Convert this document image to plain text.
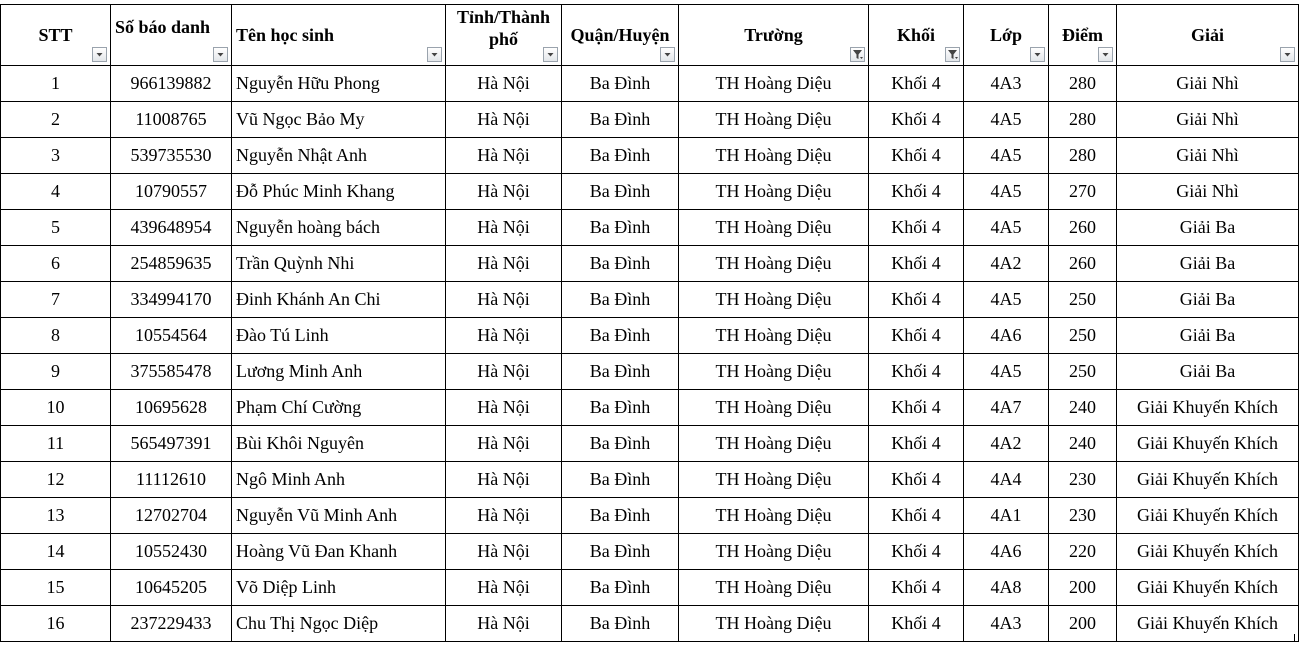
STT	Số báo danh	Tên học sinh	Tỉnh/Thành phố	Quận/Huyện	Trường	Khối	Lớp	Điểm	Giải

1	966139882	Nguyễn Hữu Phong	Hà Nội	Ba Đình	TH Hoàng Diệu	Khối 4	4A3	280	Giải Nhì
2	11008765	Vũ Ngọc Bảo My	Hà Nội	Ba Đình	TH Hoàng Diệu	Khối 4	4A5	280	Giải Nhì
3	539735530	Nguyễn Nhật Anh	Hà Nội	Ba Đình	TH Hoàng Diệu	Khối 4	4A5	280	Giải Nhì
4	10790557	Đỗ Phúc Minh Khang	Hà Nội	Ba Đình	TH Hoàng Diệu	Khối 4	4A5	270	Giải Nhì
5	439648954	Nguyễn hoàng bách	Hà Nội	Ba Đình	TH Hoàng Diệu	Khối 4	4A5	260	Giải Ba
6	254859635	Trần Quỳnh Nhi	Hà Nội	Ba Đình	TH Hoàng Diệu	Khối 4	4A2	260	Giải Ba
7	334994170	Đinh Khánh An Chi	Hà Nội	Ba Đình	TH Hoàng Diệu	Khối 4	4A5	250	Giải Ba
8	10554564	Đào Tú Linh	Hà Nội	Ba Đình	TH Hoàng Diệu	Khối 4	4A6	250	Giải Ba
9	375585478	Lương Minh Anh	Hà Nội	Ba Đình	TH Hoàng Diệu	Khối 4	4A5	250	Giải Ba
10	10695628	Phạm Chí Cường	Hà Nội	Ba Đình	TH Hoàng Diệu	Khối 4	4A7	240	Giải Khuyến Khích
11	565497391	Bùi Khôi Nguyên	Hà Nội	Ba Đình	TH Hoàng Diệu	Khối 4	4A2	240	Giải Khuyến Khích
12	11112610	Ngô Minh Anh	Hà Nội	Ba Đình	TH Hoàng Diệu	Khối 4	4A4	230	Giải Khuyến Khích
13	12702704	Nguyễn Vũ Minh Anh	Hà Nội	Ba Đình	TH Hoàng Diệu	Khối 4	4A1	230	Giải Khuyến Khích
14	10552430	Hoàng Vũ Đan Khanh	Hà Nội	Ba Đình	TH Hoàng Diệu	Khối 4	4A6	220	Giải Khuyến Khích
15	10645205	Võ Diệp Linh	Hà Nội	Ba Đình	TH Hoàng Diệu	Khối 4	4A8	200	Giải Khuyến Khích
16	237229433	Chu Thị Ngọc Diệp	Hà Nội	Ba Đình	TH Hoàng Diệu	Khối 4	4A3	200	Giải Khuyến Khích
